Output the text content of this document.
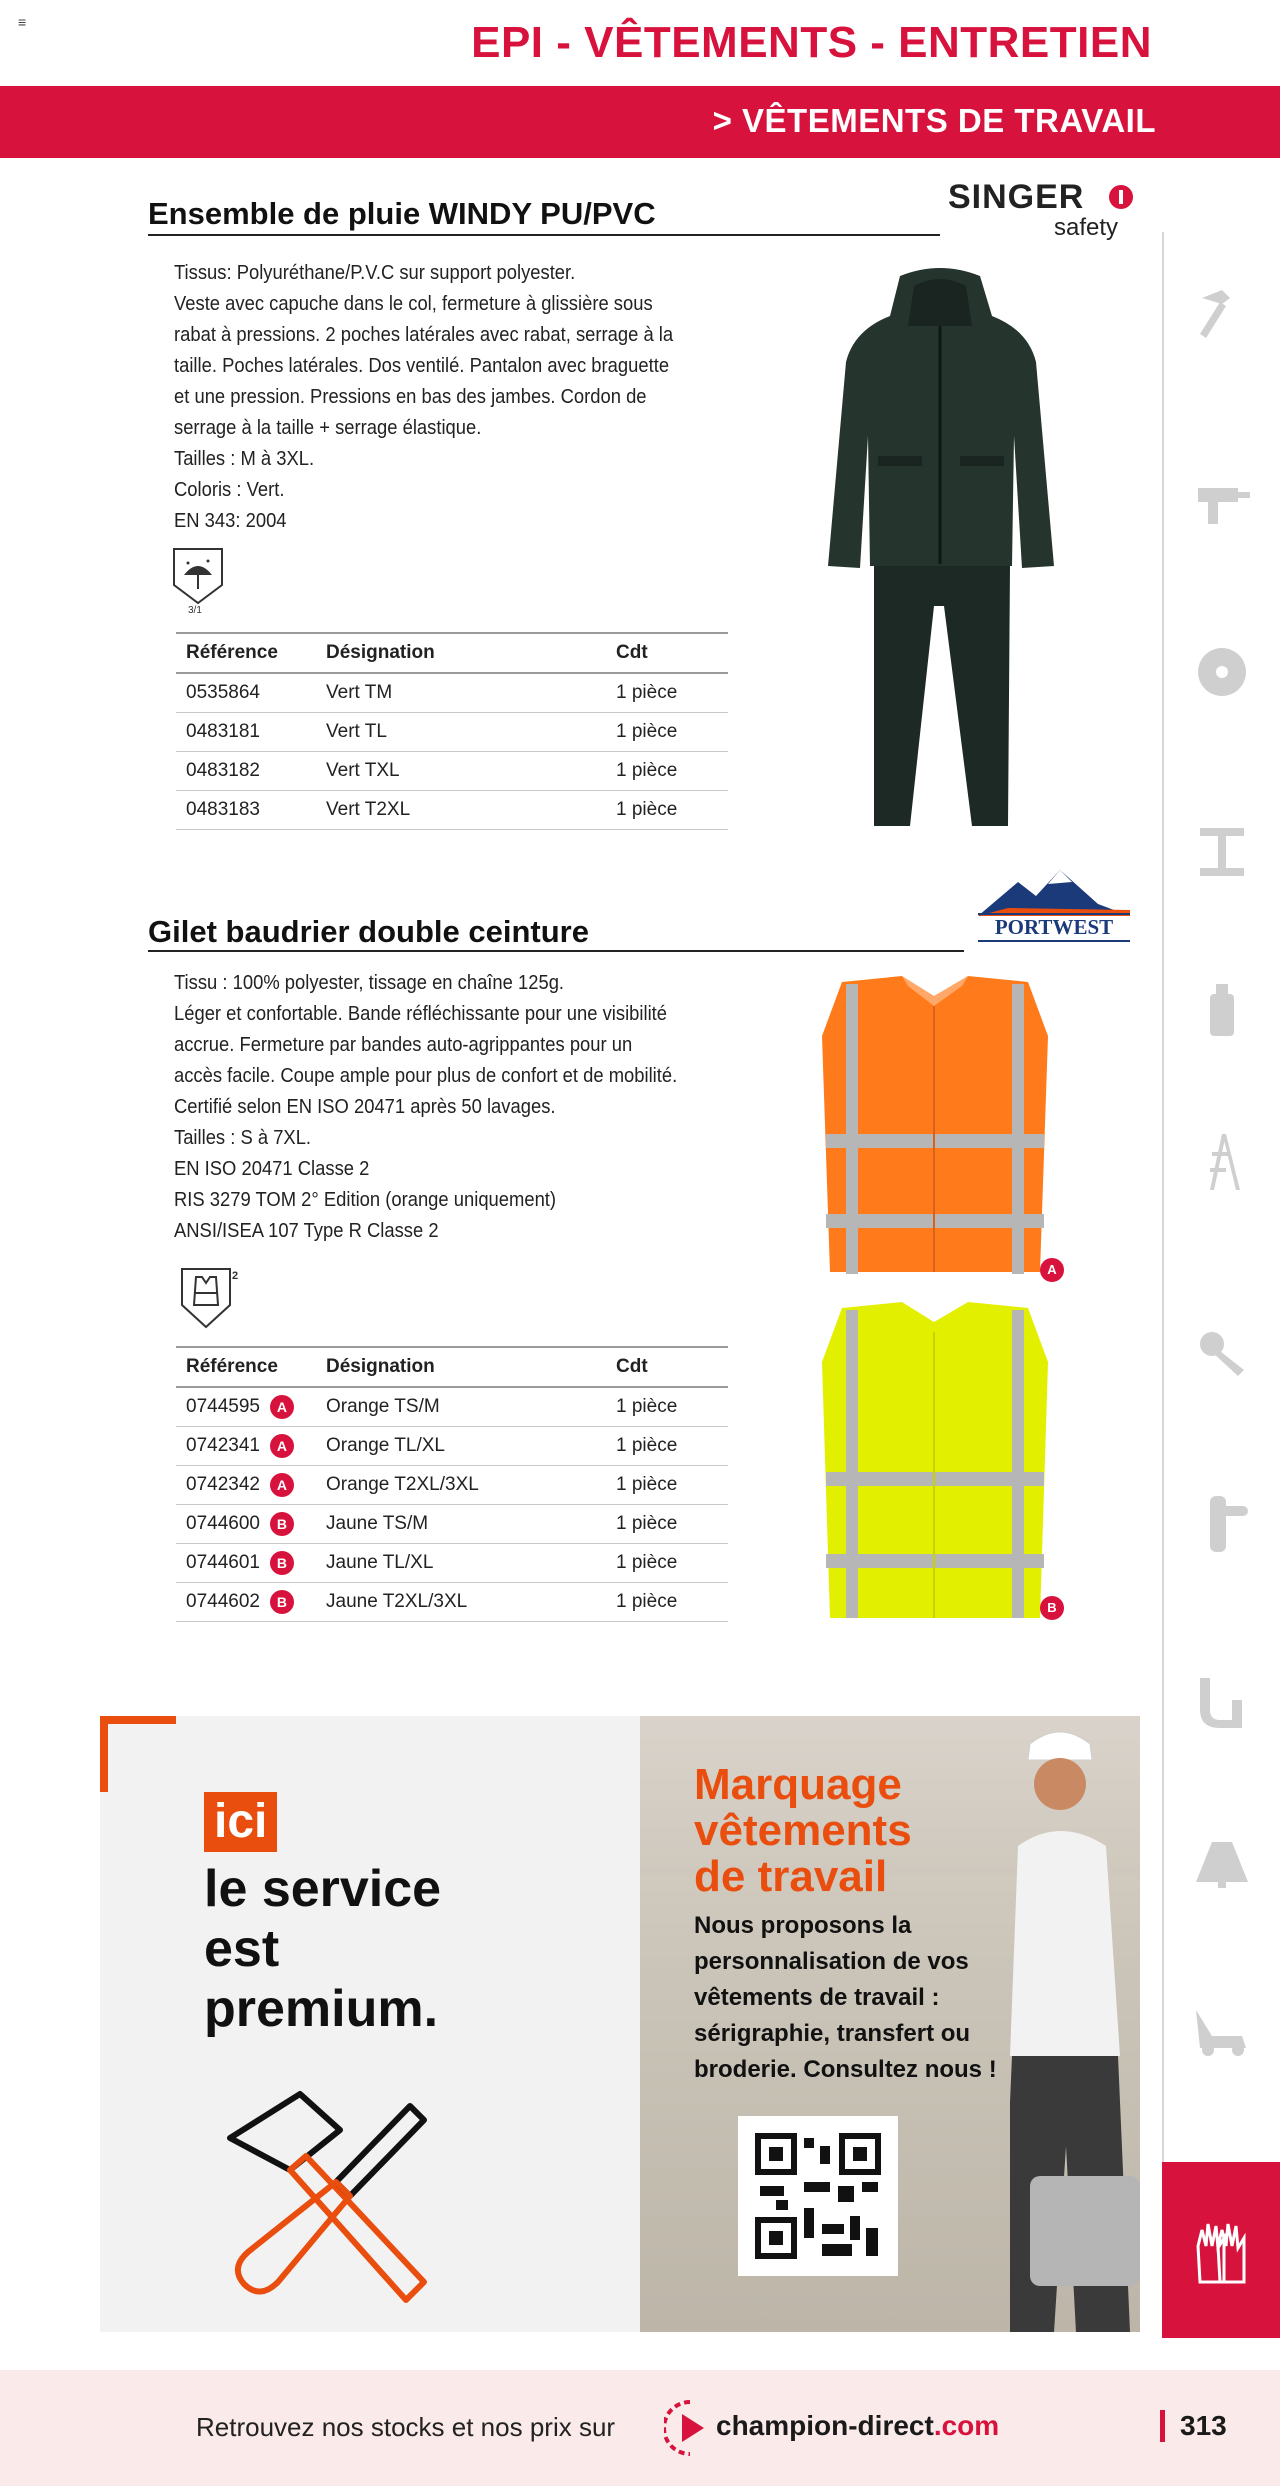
≡	EPI - VÊTEMENTS - ENTRETIEN
> VÊTEMENTS DE TRAVAIL
Ensemble de pluie WINDY PU/PVC	SINGER
safety
Tissus: Polyuréthane/P.V.C sur support polyester.
Veste avec capuche dans le col, fermeture à glissière sous
rabat à pressions. 2 poches latérales avec rabat, serrage à la
taille. Poches latérales. Dos ventilé. Pantalon avec braguette
et une pression. Pressions en bas des jambes. Cordon de
serrage à la taille + serrage élastique.
Tailles : M à 3XL.
Coloris : Vert.
EN 343: 2004
3/1
Référence	Désignation	Cdt
0535864	Vert TM	1 pièce
0483181	Vert TL	1 pièce
0483182	Vert TXL	1 pièce
0483183	Vert T2XL	1 pièce
Gilet baudrier double ceinture	PORTWEST
Tissu : 100% polyester, tissage en chaîne 125g.
Léger et confortable. Bande réfléchissante pour une visibilité
accrue. Fermeture par bandes auto-agrippantes pour un
accès facile. Coupe ample pour plus de confort et de mobilité.
Certifié selon EN ISO 20471 après 50 lavages.
Tailles : S à 7XL.
EN ISO 20471 Classe 2
RIS 3279 TOM 2° Edition (orange uniquement)
ANSI/ISEA 107 Type R Classe 2
2
Référence	Désignation	Cdt
0744595 A	Orange TS/M	1 pièce
0742341 A	Orange TL/XL	1 pièce
0742342 A	Orange T2XL/3XL	1 pièce
0744600 B	Jaune TS/M	1 pièce
0744601 B	Jaune TL/XL	1 pièce
0744602 B	Jaune T2XL/3XL	1 pièce
A
B
ici
le service
est
premium.
Marquage
vêtements
de travail
Nous proposons la
personnalisation de vos
vêtements de travail :
sérigraphie, transfert ou
broderie. Consultez nous !
Retrouvez nos stocks et nos prix sur	champion-direct.com	313
